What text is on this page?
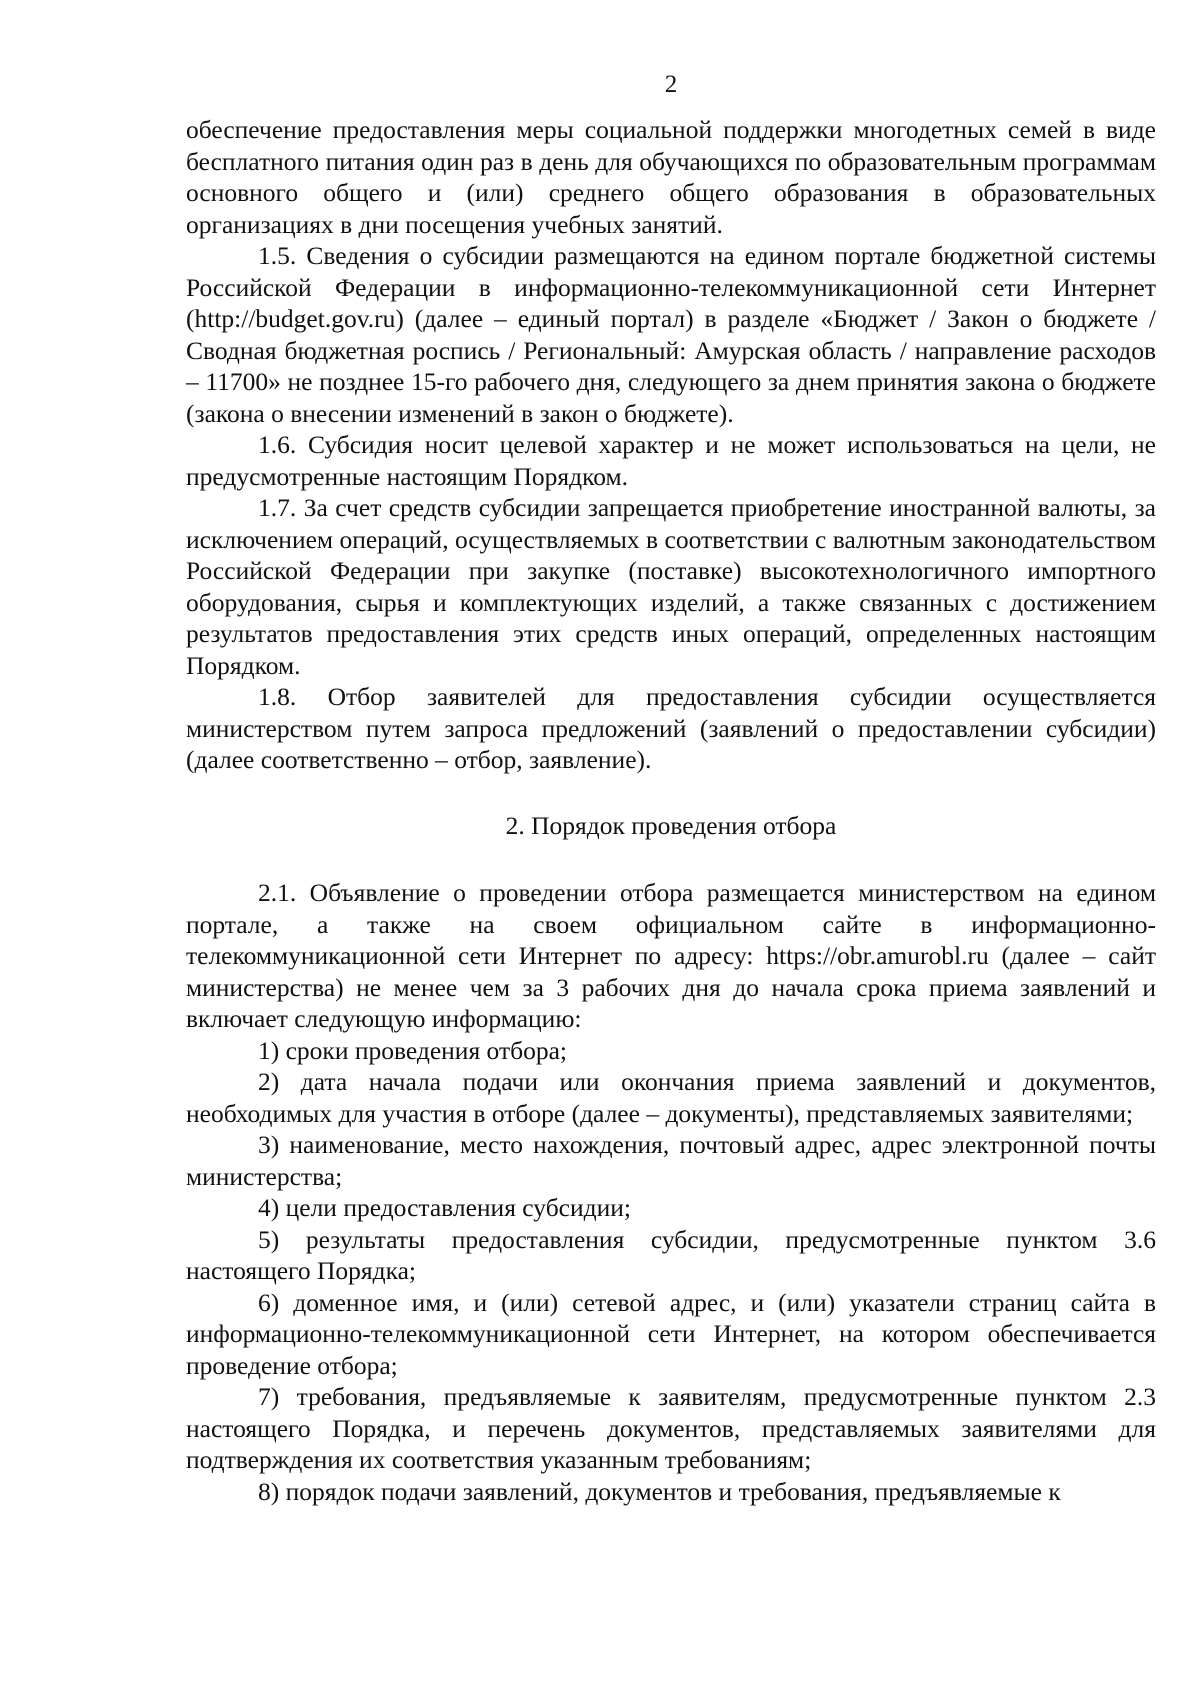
2

обеспечение предоставления меры социальной поддержки многодетных семей в виде бесплатного питания один раз в день для обучающихся по образовательным программам основного общего и (или) среднего общего образования в образовательных организациях в дни посещения учебных занятий.

1.5. Сведения о субсидии размещаются на едином портале бюджетной системы Российской Федерации в информационно-телекоммуникационной сети Интернет (http://budget.gov.ru) (далее – единый портал) в разделе «Бюджет / Закон о бюджете / Сводная бюджетная роспись / Региональный: Амурская область / направление расходов – 11700» не позднее 15-го рабочего дня, следующего за днем принятия закона о бюджете (закона о внесении изменений в закон о бюджете).

1.6. Субсидия носит целевой характер и не может использоваться на цели, не предусмотренные настоящим Порядком.

1.7. За счет средств субсидии запрещается приобретение иностранной валюты, за исключением операций, осуществляемых в соответствии с валютным законодательством Российской Федерации при закупке (поставке) высокотехнологичного импортного оборудования, сырья и комплектующих изделий, а также связанных с достижением результатов предоставления этих средств иных операций, определенных настоящим Порядком.

1.8. Отбор заявителей для предоставления субсидии осуществляется министерством путем запроса предложений (заявлений о предоставлении субсидии) (далее соответственно – отбор, заявление).

2. Порядок проведения отбора

2.1. Объявление о проведении отбора размещается министерством на едином портале, а также на своем официальном сайте в информационно-телекоммуникационной сети Интернет по адресу: https://obr.amurobl.ru (далее – сайт министерства) не менее чем за 3 рабочих дня до начала срока приема заявлений и включает следующую информацию:

1) сроки проведения отбора;

2) дата начала подачи или окончания приема заявлений и документов, необходимых для участия в отборе (далее – документы), представляемых заявителями;

3) наименование, место нахождения, почтовый адрес, адрес электронной почты министерства;

4) цели предоставления субсидии;

5) результаты предоставления субсидии, предусмотренные пунктом 3.6 настоящего Порядка;

6) доменное имя, и (или) сетевой адрес, и (или) указатели страниц сайта в информационно-телекоммуникационной сети Интернет, на котором обеспечивается проведение отбора;

7) требования, предъявляемые к заявителям, предусмотренные пунктом 2.3 настоящего Порядка, и перечень документов, представляемых заявителями для подтверждения их соответствия указанным требованиям;

8) порядок подачи заявлений, документов и требования, предъявляемые к
